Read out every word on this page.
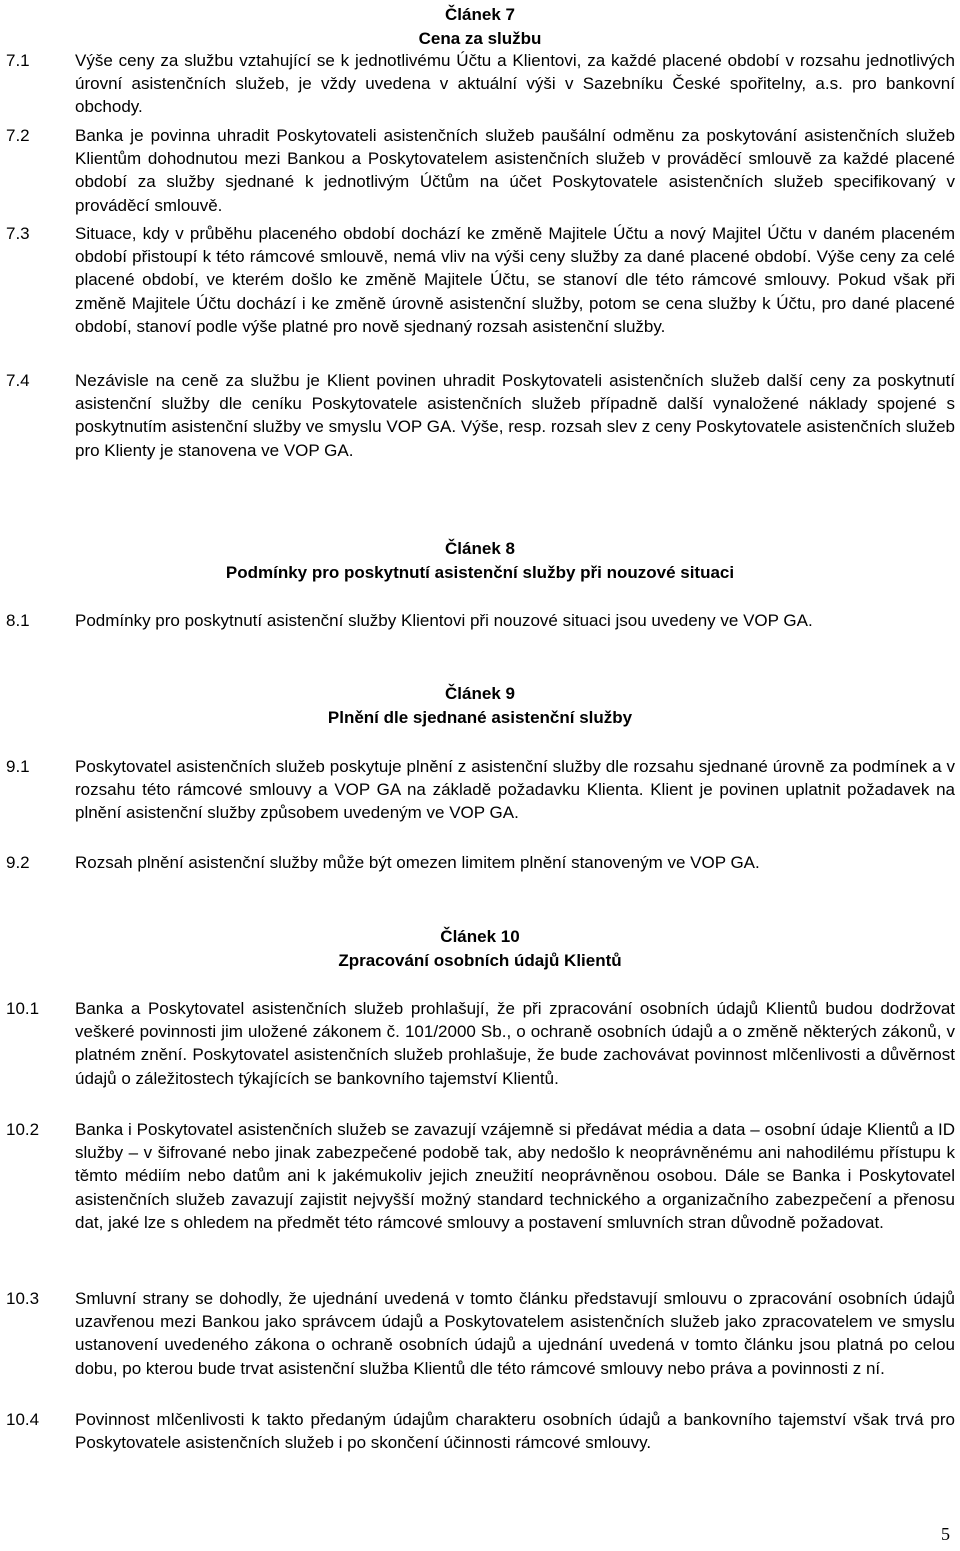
Článek 7
Cena za službu
7.1	Výše ceny za službu vztahující se k jednotlivému Účtu a Klientovi, za každé placené období v rozsahu jednotlivých úrovní asistenčních služeb, je vždy uvedena v aktuální výši v Sazebníku České spořitelny, a.s. pro bankovní obchody.

7.2	Banka je povinna uhradit Poskytovateli asistenčních služeb paušální odměnu za poskytování asistenčních služeb Klientům dohodnutou mezi Bankou a Poskytovatelem asistenčních služeb v prováděcí smlouvě za každé placené období za služby sjednané k jednotlivým Účtům na účet Poskytovatele asistenčních služeb specifikovaný v prováděcí smlouvě.

7.3	Situace, kdy v průběhu placeného období dochází ke změně Majitele Účtu a nový Majitel Účtu v daném placeném období přistoupí k této rámcové smlouvě, nemá vliv na výši ceny služby za dané placené období. Výše ceny za celé placené období, ve kterém došlo ke změně Majitele Účtu, se stanoví dle této rámcové smlouvy. Pokud však při změně Majitele Účtu dochází i ke změně úrovně asistenční služby, potom se cena služby k Účtu, pro dané placené období, stanoví podle výše platné pro nově sjednaný rozsah asistenční služby.

7.4	Nezávisle na ceně za službu je Klient povinen uhradit Poskytovateli asistenčních služeb další ceny za poskytnutí asistenční služby dle ceníku Poskytovatele asistenčních služeb případně další vynaložené náklady spojené s poskytnutím asistenční služby ve smyslu VOP GA. Výše, resp. rozsah slev z ceny Poskytovatele asistenčních služeb pro Klienty je stanovena ve VOP GA.

Článek 8
Podmínky pro poskytnutí asistenční služby při nouzové situaci
8.1	Podmínky pro poskytnutí asistenční služby Klientovi při nouzové situaci jsou uvedeny ve VOP GA.

Článek 9
Plnění dle sjednané asistenční služby
9.1	Poskytovatel asistenčních služeb poskytuje plnění z asistenční služby dle rozsahu sjednané úrovně za podmínek a v rozsahu této rámcové smlouvy a VOP GA na základě požadavku Klienta. Klient je povinen uplatnit požadavek na plnění asistenční služby způsobem uvedeným ve VOP GA.

9.2	Rozsah plnění asistenční služby může být omezen limitem plnění stanoveným ve VOP GA.

Článek 10
Zpracování osobních údajů Klientů
10.1 Banka a Poskytovatel asistenčních služeb prohlašují, že při zpracování osobních údajů Klientů budou dodržovat veškeré povinnosti jim uložené zákonem č. 101/2000 Sb., o ochraně osobních údajů a o změně některých zákonů, v platném znění. Poskytovatel asistenčních služeb prohlašuje, že bude zachovávat povinnost mlčenlivosti a důvěrnost údajů o záležitostech týkajících se bankovního tajemství Klientů.

10.2 Banka i Poskytovatel asistenčních služeb se zavazují vzájemně si předávat média a data – osobní údaje Klientů a ID služby – v šifrované nebo jinak zabezpečené podobě tak, aby nedošlo k neoprávněnému ani nahodilému přístupu k těmto médiím nebo datům ani k jakémukoliv jejich zneužití neoprávněnou osobou. Dále se Banka i Poskytovatel asistenčních služeb zavazují zajistit nejvyšší možný standard technického a organizačního zabezpečení a přenosu dat, jaké lze s ohledem na předmět této rámcové smlouvy a postavení smluvních stran důvodně požadovat.

10.3 Smluvní strany se dohodly, že ujednání uvedená v tomto článku představují smlouvu o zpracování osobních údajů uzavřenou mezi Bankou jako správcem údajů a Poskytovatelem asistenčních služeb jako zpracovatelem ve smyslu ustanovení uvedeného zákona o ochraně osobních údajů a ujednání uvedená v tomto článku jsou platná po celou dobu, po kterou bude trvat asistenční služba Klientů dle této rámcové smlouvy nebo práva a povinnosti z ní.

10.4 Povinnost mlčenlivosti k takto předaným údajům charakteru osobních údajů a bankovního tajemství však trvá pro Poskytovatele asistenčních služeb i po skončení účinnosti rámcové smlouvy.

5
